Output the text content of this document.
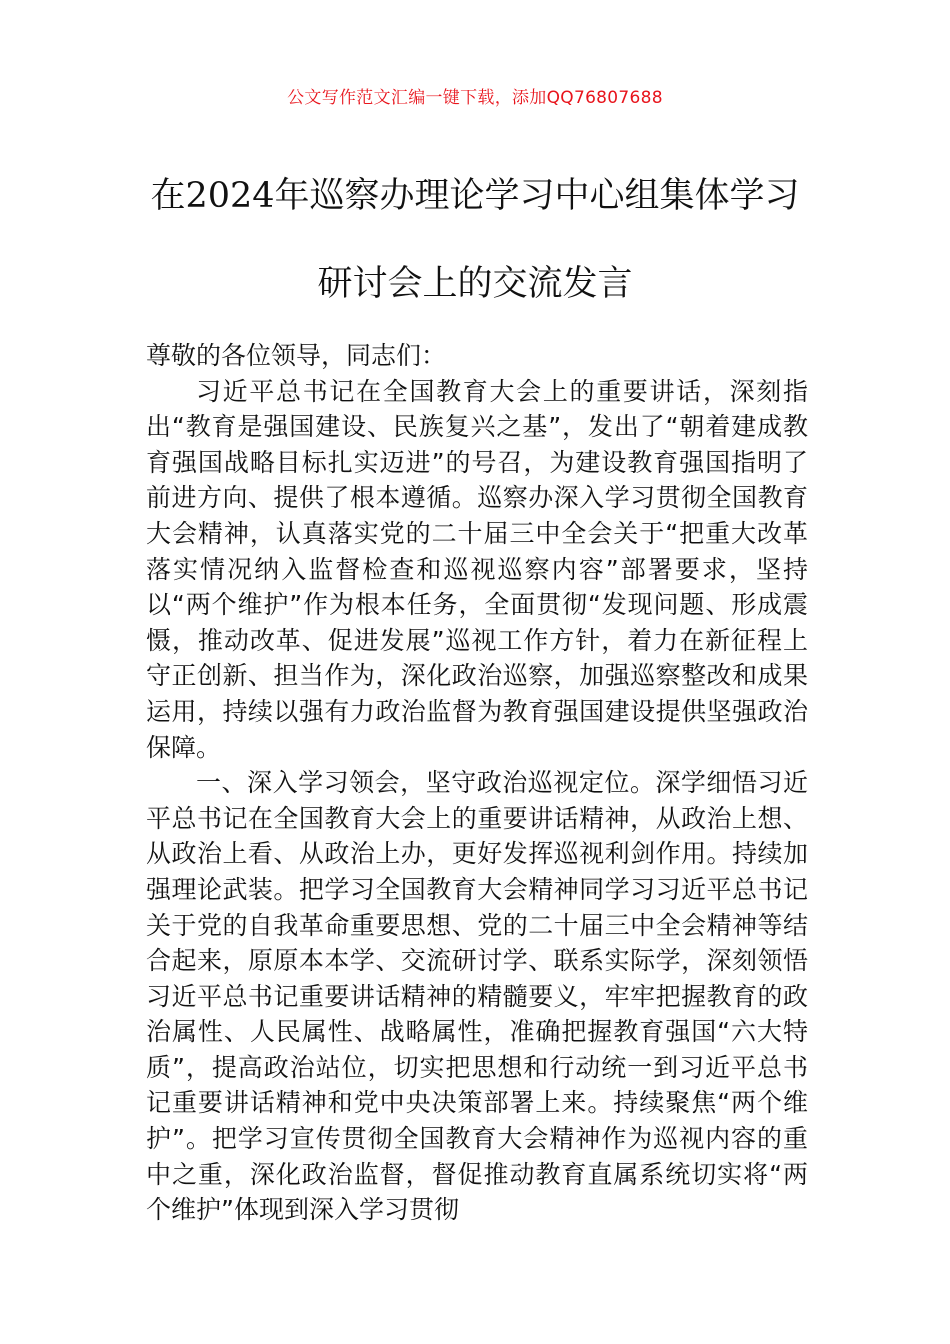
公文写作范文汇编一键下载，添加QQ76807688
在2024年巡察办理论学习中心组集体学习
研讨会上的交流发言

尊敬的各位领导，同志们：

习近平总书记在全国教育大会上的重要讲话，深刻指出“教育是强国建设、民族复兴之基”，发出了“朝着建成教育强国战略目标扎实迈进”的号召，为建设教育强国指明了前进方向、提供了根本遵循。巡察办深入学习贯彻全国教育大会精神，认真落实党的二十届三中全会关于“把重大改革落实情况纳入监督检查和巡视巡察内容”部署要求，坚持以“两个维护”作为根本任务，全面贯彻“发现问题、形成震慑，推动改革、促进发展”巡视工作方针，着力在新征程上守正创新、担当作为，深化政治巡察，加强巡察整改和成果运用，持续以强有力政治监督为教育强国建设提供坚强政治保障。

一、深入学习领会，坚守政治巡视定位。深学细悟习近平总书记在全国教育大会上的重要讲话精神，从政治上想、从政治上看、从政治上办，更好发挥巡视利剑作用。持续加强理论武装。把学习全国教育大会精神同学习习近平总书记关于党的自我革命重要思想、党的二十届三中全会精神等结合起来，原原本本学、交流研讨学、联系实际学，深刻领悟习近平总书记重要讲话精神的精髓要义，牢牢把握教育的政治属性、人民属性、战略属性，准确把握教育强国“六大特质”，提高政治站位，切实把思想和行动统一到习近平总书记重要讲话精神和党中央决策部署上来。持续聚焦“两个维护”。把学习宣传贯彻全国教育大会精神作为巡视内容的重中之重，深化政治监督，督促推动教育直属系统切实将“两个维护”体现到深入学习贯彻
